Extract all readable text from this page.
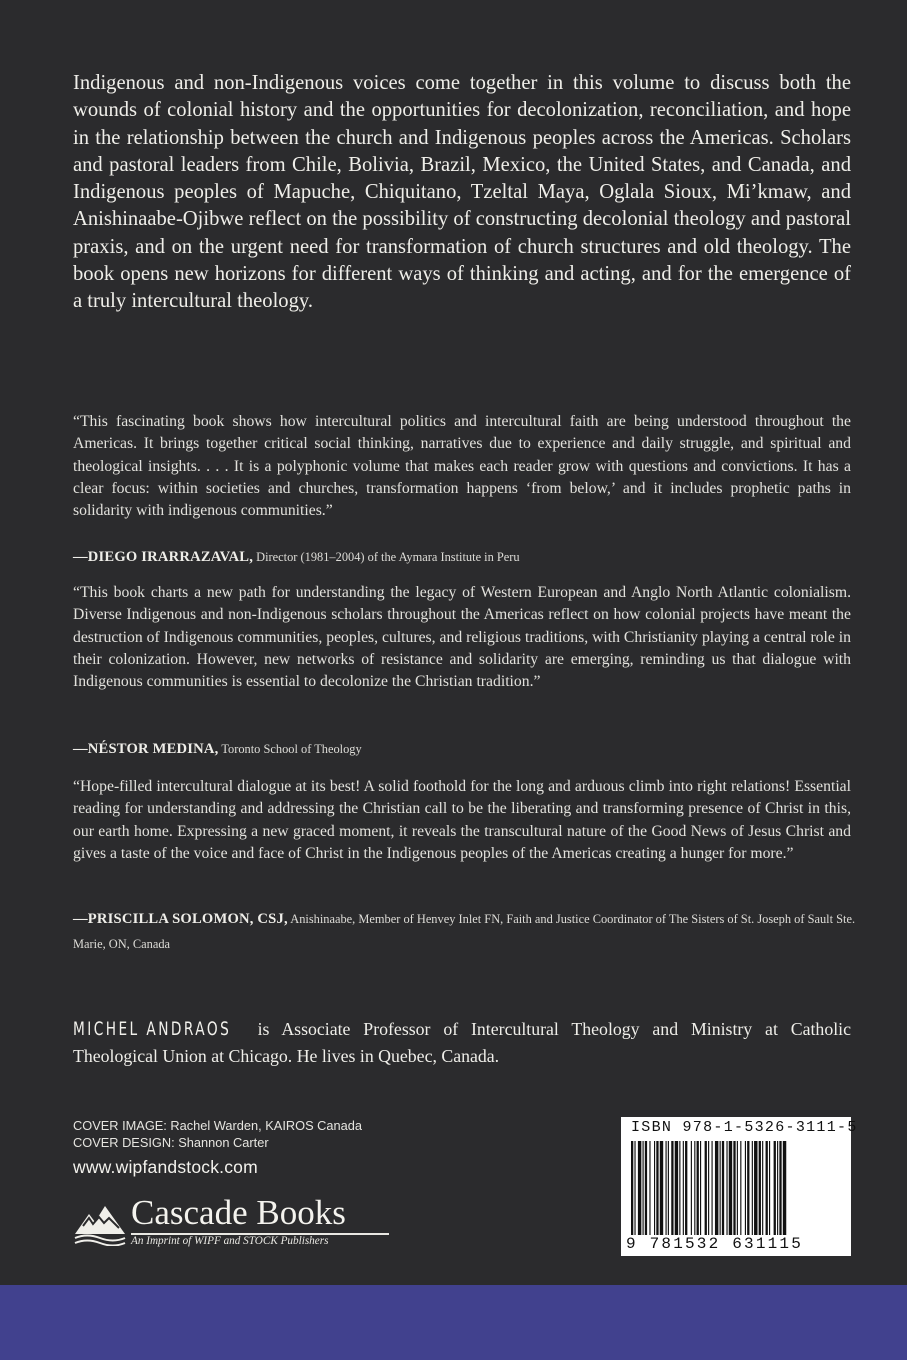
Indigenous and non-Indigenous voices come together in this volume to discuss both the wounds of colonial history and the opportunities for decolonization, reconciliation, and hope in the relationship between the church and Indigenous peoples across the Americas. Scholars and pastoral leaders from Chile, Bolivia, Brazil, Mexico, the United States, and Canada, and Indigenous peoples of Mapuche, Chiquitano, Tzeltal Maya, Oglala Sioux, Mi’kmaw, and Anishinaabe-Ojibwe reflect on the possibility of constructing decolonial theology and pastoral praxis, and on the urgent need for transformation of church structures and old theology. The book opens new horizons for different ways of thinking and acting, and for the emergence of a truly intercultural theology.

“This fascinating book shows how intercultural politics and intercultural faith are being understood throughout the Americas. It brings together critical social thinking, narratives due to experience and daily struggle, and spiritual and theological insights. . . . It is a polyphonic volume that makes each reader grow with questions and convictions. It has a clear focus: within societies and churches, transformation happens ‘from below,’ and it includes prophetic paths in solidarity with indigenous communities.”

—DIEGO IRARRAZAVAL, Director (1981–2004) of the Aymara Institute in Peru

“This book charts a new path for understanding the legacy of Western European and Anglo North Atlantic colonialism. Diverse Indigenous and non-Indigenous scholars throughout the Americas reflect on how colonial projects have meant the destruction of Indigenous communities, peoples, cultures, and religious traditions, with Christianity playing a central role in their colonization. However, new networks of resistance and solidarity are emerging, reminding us that dialogue with Indigenous communities is essential to decolonize the Christian tradition.”

—NÉSTOR MEDINA, Toronto School of Theology

“Hope-filled intercultural dialogue at its best! A solid foothold for the long and arduous climb into right relations! Essential reading for understanding and addressing the Christian call to be the liberating and transforming presence of Christ in this, our earth home. Expressing a new graced moment, it reveals the transcultural nature of the Good News of Jesus Christ and gives a taste of the voice and face of Christ in the Indigenous peoples of the Americas creating a hunger for more.”

—PRISCILLA SOLOMON, CSJ, Anishinaabe, Member of Henvey Inlet FN, Faith and Justice Coordinator of The Sisters of St. Joseph of Sault Ste. Marie, ON, Canada

MICHEL ANDRAOS is Associate Professor of Intercultural Theology and Ministry at Catholic Theological Union at Chicago. He lives in Quebec, Canada.

COVER IMAGE: Rachel Warden, KAIROS Canada
COVER DESIGN: Shannon Carter
www.wipfandstock.com
Cascade Books
An Imprint of WIPF and STOCK Publishers
ISBN 978-1-5326-3111-5
9 781532 631115
